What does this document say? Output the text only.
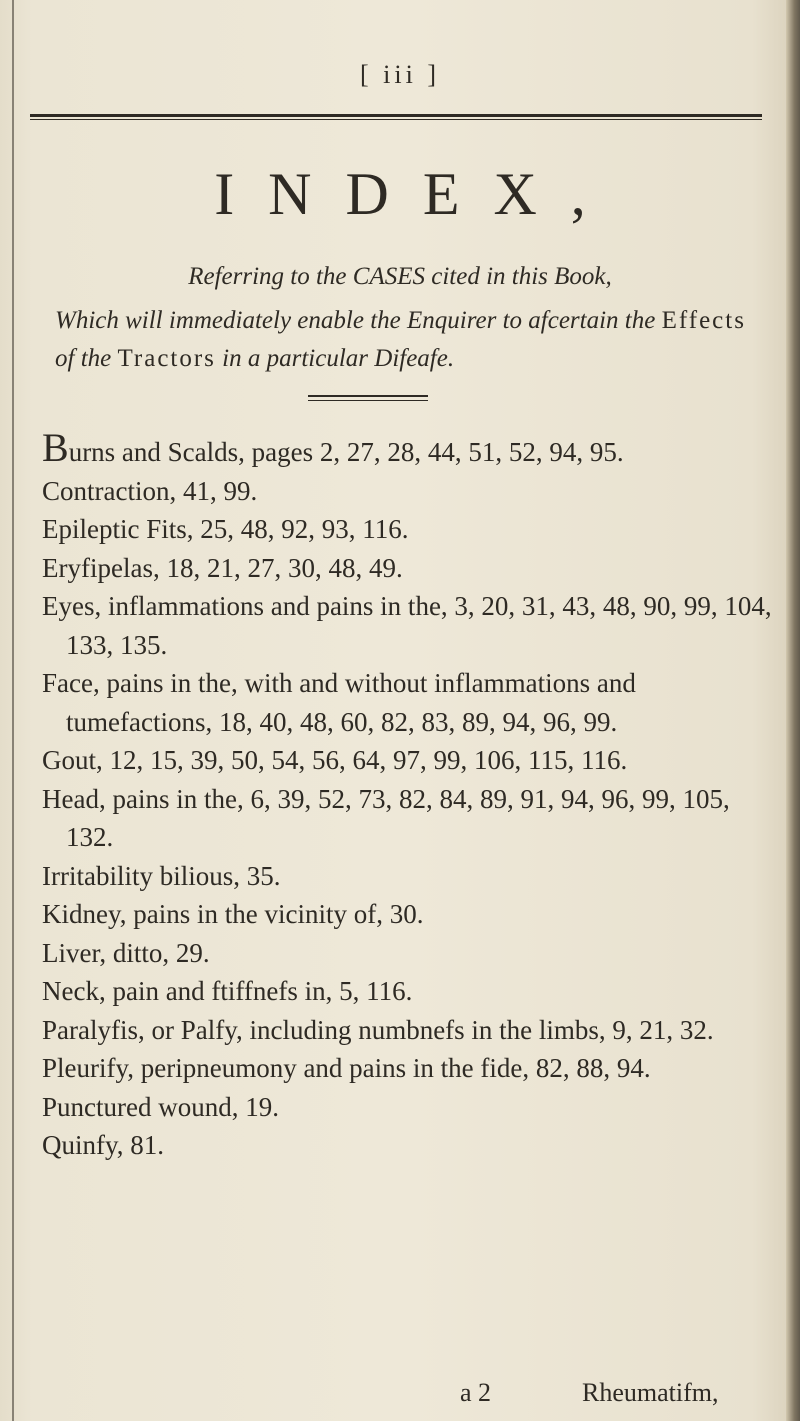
[ iii ]
INDEX,
Referring to the CASES cited in this Book,
Which will immediately enable the Enquirer to afcertain the Effects of the Tractors in a particular Difeafe.
Burns and Scalds, pages 2, 27, 28, 44, 51, 52, 94, 95.
Contraction, 41, 99.
Epileptic Fits, 25, 48, 92, 93, 116.
Eryfipelas, 18, 21, 27, 30, 48, 49.
Eyes, inflammations and pains in the, 3, 20, 31, 43, 48, 90, 99, 104, 133, 135.
Face, pains in the, with and without inflammations and tumefactions, 18, 40, 48, 60, 82, 83, 89, 94, 96, 99.
Gout, 12, 15, 39, 50, 54, 56, 64, 97, 99, 106, 115, 116.
Head, pains in the, 6, 39, 52, 73, 82, 84, 89, 91, 94, 96, 99, 105, 132.
Irritability bilious, 35.
Kidney, pains in the vicinity of, 30.
Liver, ditto, 29.
Neck, pain and ftiffnefs in, 5, 116.
Paralyfis, or Palfy, including numbnefs in the limbs, 9, 21, 32.
Pleurify, peripneumony and pains in the fide, 82, 88, 94.
Punctured wound, 19.
Quinfy, 81.
a 2	Rheumatifm,
